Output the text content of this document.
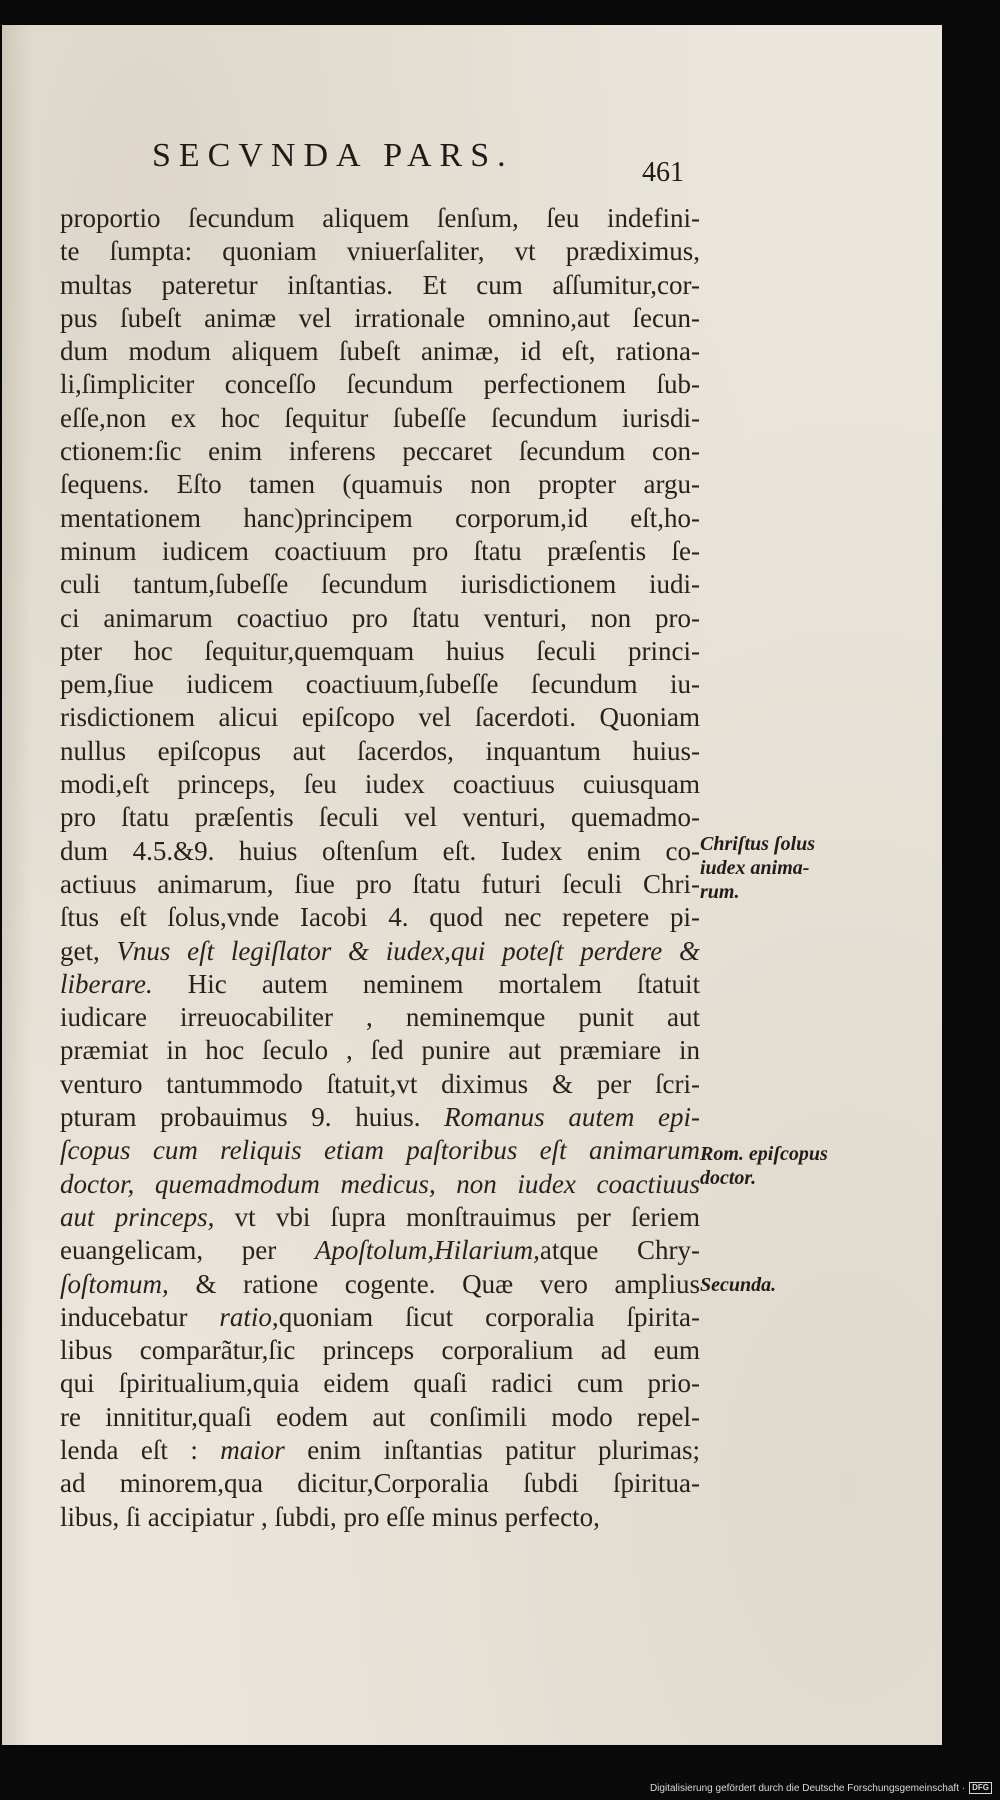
SECVNDA PARS.	461
proportio ſecundum aliquem ſenſum, ſeu indefini-
te ſumpta: quoniam vniuerſaliter, vt prædiximus,
multas pateretur inſtantias. Et cum aſſumitur,cor-
pus ſubeſt animæ vel irrationale omnino,aut ſecun-
dum modum aliquem ſubeſt animæ, id eſt, rationa-
li,ſimpliciter conceſſo ſecundum perfectionem ſub-
eſſe,non ex hoc ſequitur ſubeſſe ſecundum iurisdi-
ctionem:ſic enim inferens peccaret ſecundum con-
ſequens. Eſto tamen (quamuis non propter argu-
mentationem hanc)principem corporum,id eſt,ho-
minum iudicem coactiuum pro ſtatu præſentis ſe-
culi tantum,ſubeſſe ſecundum iurisdictionem iudi-
ci animarum coactiuo pro ſtatu venturi, non pro-
pter hoc ſequitur,quemquam huius ſeculi princi-
pem,ſiue iudicem coactiuum,ſubeſſe ſecundum iu-
risdictionem alicui epiſcopo vel ſacerdoti. Quoniam
nullus epiſcopus aut ſacerdos, inquantum huius-
modi,eſt princeps, ſeu iudex coactiuus cuiusquam
pro ſtatu præſentis ſeculi vel venturi, quemadmo-
dum 4.5.&9. huius oſtenſum eſt. Iudex enim co-
actiuus animarum, ſiue pro ſtatu futuri ſeculi Chri-
ſtus eſt ſolus,vnde Iacobi 4. quod nec repetere pi-
get, Vnus eſt legiſlator & iudex,qui poteſt perdere &
liberare. Hic autem neminem mortalem ſtatuit
iudicare irreuocabiliter , neminemque punit aut
præmiat in hoc ſeculo , ſed punire aut præmiare in
venturo tantummodo ſtatuit,vt diximus & per ſcri-
pturam probauimus 9. huius. Romanus autem epi-
ſcopus cum reliquis etiam paſtoribus eſt animarum
doctor, quemadmodum medicus, non iudex coactiuus
aut princeps, vt vbi ſupra monſtrauimus per ſeriem
euangelicam, per Apoſtolum,Hilarium,atque Chry-
ſoſtomum, & ratione cogente. Quæ vero amplius
inducebatur ratio,quoniam ſicut corporalia ſpirita-
libus comparãtur,ſic princeps corporalium ad eum
qui ſpiritualium,quia eidem quaſi radici cum prio-
re innititur,quaſi eodem aut conſimili modo repel-
lenda eſt : maior enim inſtantias patitur plurimas;
ad minorem,qua dicitur,Corporalia ſubdi ſpiritua-
libus, ſi accipiatur , ſubdi, pro eſſe minus perfecto,
Chriſtus ſolus
iudex anima-
rum.
Rom. epiſcopus
doctor.
Secunda.
Digitalisierung gefördert durch die Deutsche Forschungsgemeinschaft · DFG
